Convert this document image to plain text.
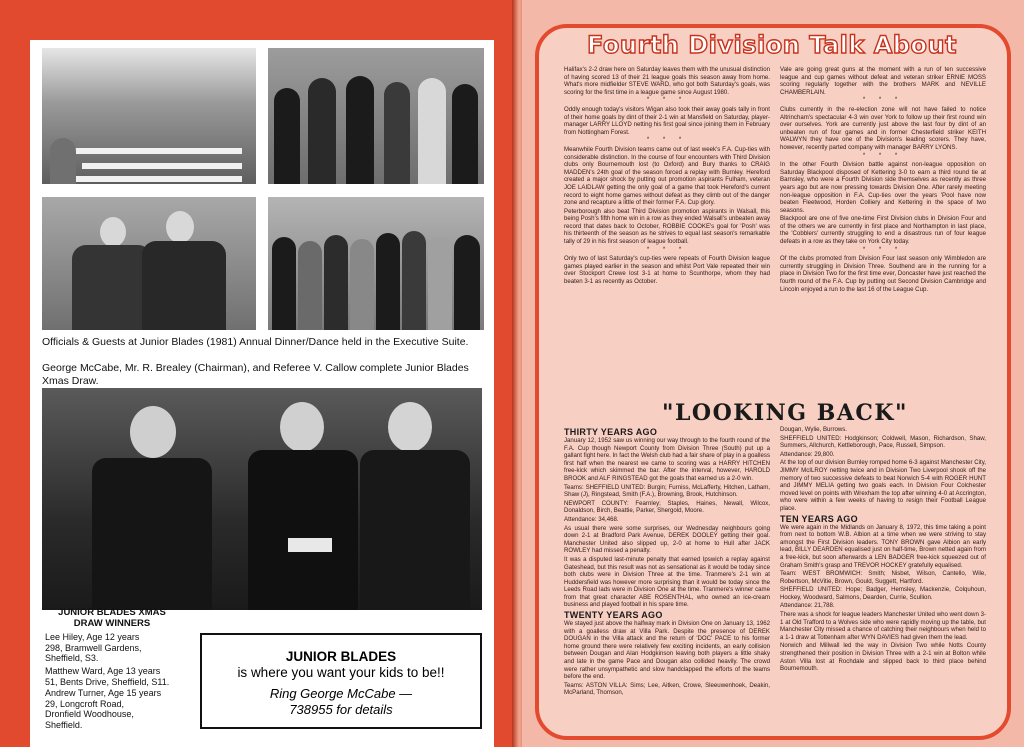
Officials & Guests at Junior Blades (1981) Annual Dinner/Dance held in the Executive Suite.
George McCabe, Mr. R. Brealey (Chairman), and Referee V. Callow complete Junior Blades Xmas Draw.
JUNIOR BLADES XMAS
DRAW WINNERS
Lee Hiley, Age 12 years
298, Bramwell Gardens,
Sheffield, S3.
Matthew Ward, Age 13 years
51, Bents Drive, Sheffield, S11.
Andrew Turner, Age 15 years
29, Longcroft Road,
Dronfield Woodhouse,
Sheffield.
JUNIOR BLADES
is where you want your kids to be!!
Ring George McCabe —
738955 for details
Fourth Division Talk About

Halifax's 2-2 draw here on Saturday leaves them with the unusual distinction of having scored 13 of their 21 league goals this season away from home. What's more midfielder STEVE WARD, who got both Saturday's goals, was scoring for the first time in a league game since August 1980.

* * *

Oddly enough today's visitors Wigan also took their away goals tally in front of their home goals by dint of their 2-1 win at Mansfield on Saturday, player-manager LARRY LLOYD netting his first goal since joining them in February from Nottingham Forest.

* * *

Meanwhile Fourth Division teams came out of last week's F.A. Cup-ties with considerable distinction. In the course of four encounters with Third Division clubs only Bournemouth lost (to Oxford) and Bury thanks to CRAIG MADDEN's 24th goal of the season forced a replay with Burnley. Hereford created a major shock by putting out promotion aspirants Fulham, veteran JOE LAIDLAW getting the only goal of a game that took Hereford's current record to eight home games without defeat as they climb out of the danger zone and recapture a little of their former F.A. Cup glory.

Peterborough also beat Third Division promotion aspirants in Walsall, this being Posh's fifth home win in a row as they ended Walsall's unbeaten away record that dates back to October, ROBBIE COOKE's goal for 'Posh' was his thirteenth of the season as he strives to equal last season's remarkable tally of 29 in his first season of league football.

* * *

Only two of last Saturday's cup-ties were repeats of Fourth Division league games played earlier in the season and whilst Port Vale repeated their win over Stockport Crewe lost 3-1 at home to Scunthorpe, whom they had beaten 3-1 as recently as October.

Vale are going great guns at the moment with a run of ten successive league and cup games without defeat and veteran striker ERNIE MOSS scoring regularly together with the brothers MARK and NEVILLE CHAMBERLAIN.

* * *

Clubs currently in the re-election zone will not have failed to notice Altrincham's spectacular 4-3 win over York to follow up their first round win over ourselves. York are currently just above the last four by dint of an unbeaten run of four games and in former Chesterfield striker KEITH WALWYN they have one of the Division's leading scorers. They have, however, recently parted company with manager BARRY LYONS.

* * *

In the other Fourth Division battle against non-league opposition on Saturday Blackpool disposed of Kettering 3-0 to earn a third round tie at Barnsley, who were a Fourth Division side themselves as recently as three years ago but are now pressing towards Division One. After rarely meeting non-league opposition in F.A. Cup-ties over the years 'Pool have now beaten Fleetwood, Horden Colliery and Kettering in the space of two seasons.

Blackpool are one of five one-time First Division clubs in Division Four and of the others we are currently in first place and Northampton in last place, the 'Cobblers' currently struggling to end a disastrous run of four league defeats in a row as they take on York City today.

* * *

Of the clubs promoted from Division Four last season only Wimbledon are currently struggling in Division Three. Southend are in the running for a place in Division Two for the first time ever, Doncaster have just reached the fourth round of the F.A. Cup by putting out Second Division Cambridge and Lincoln enjoyed a run to the last 16 of the League Cup.

"LOOKING BACK"
THIRTY YEARS AGO

January 12, 1952 saw us winning our way through to the fourth round of the F.A. Cup though Newport County from Division Three (South) put up a gallant fight here. In fact the Welsh club had a fair share of play in a goalless first half when the nearest we came to scoring was a HARRY HITCHEN free-kick which skimmed the bar. After the interval, however, HAROLD BROOK and ALF RINGSTEAD got the goals that earned us a 2-0 win.

Teams: SHEFFIELD UNITED: Burgin; Furniss, McLafferty, Hitchen, Latham, Shaw (J), Ringstead, Smith (F.A.), Browning, Brook, Hutchinson.

NEWPORT COUNTY: Fearnley; Staples, Haines, Newall, Wilcox, Donaldson, Birch, Beattie, Parker, Shergold, Moore.

Attendance: 34,468.

As usual there were some surprises, our Wednesday neighbours going down 2-1 at Bradford Park Avenue, DEREK DOOLEY getting their goal. Manchester United also slipped up, 2-0 at home to Hull after JACK ROWLEY had missed a penalty.

It was a disputed last-minute penalty that earned Ipswich a replay against Gateshead, but this result was not as sensational as it would be today since both clubs were in Division Three at the time. Tranmere's 2-1 win at Huddersfield was however more surprising than it would be today since the Leeds Road lads were in Division One at the time. Tranmere's winner came from that great character ABE ROSENTHAL, who owned an ice-cream business and played football in his spare time.

TWENTY YEARS AGO

We stayed just above the halfway mark in Division One on January 13, 1962 with a goalless draw at Villa Park. Despite the presence of DEREK DOUGAN in the Villa attack and the return of 'DOC' PACE to his former home ground there were relatively few exciting incidents, an early collision between Dougan and Alan Hodgkinson leaving both players a little shaky and late in the game Pace and Dougan also collided heavily. The crowd were rather unsympathetic and slow handclapped the efforts of the teams before the end.

Teams: ASTON VILLA: Sims; Lee, Aitken, Crowe, Sleeuwenhoek, Deakin, McParland, Thomson,

Dougan, Wylie, Burrows.

SHEFFIELD UNITED: Hodgkinson; Coldwell, Mason, Richardson, Shaw, Summers, Allchurch, Kettleborough, Pace, Russell, Simpson.

Attendance: 29,800.

At the top of our division Burnley romped home 6-3 against Manchester City, JIMMY McILROY netting twice and in Division Two Liverpool shook off the memory of two successive defeats to beat Norwich 5-4 with ROGER HUNT and JIMMY MELIA getting two goals each. In Division Four Colchester moved level on points with Wrexham the top after winning 4-0 at Accrington, who were within a few weeks of having to resign their Football League place.

TEN YEARS AGO

We were again in the Midlands on January 8, 1972, this time taking a point from next to bottom W.B. Albion at a time when we were striving to stay amongst the First Division leaders. TONY BROWN gave Albion an early lead, BILLY DEARDEN equalised just on half-time, Brown netted again from a free-kick, but soon afterwards a LEN BADGER free-kick squeezed out of Graham Smith's grasp and TREVOR HOCKEY gratefully equalised.

Team: WEST BROMWICH: Smith; Nisbet, Wilson, Cantello, Wile, Robertson, McVitie, Brown, Gould, Suggett, Hartford.

SHEFFIELD UNITED: Hope; Badger, Hemsley, Mackenzie, Colquhoun, Hockey, Woodward, Salmons, Dearden, Currie, Scullion.

Attendance: 21,788.

There was a shock for league leaders Manchester United who went down 3-1 at Old Trafford to a Wolves side who were rapidly moving up the table, but Manchester City missed a chance of catching their neighbours when held to a 1-1 draw at Tottenham after WYN DAVIES had given them the lead.

Norwich and Millwall led the way in Division Two while Notts County strengthened their position in Division Three with a 2-1 win at Bolton while Aston Villa lost at Rochdale and slipped back to third place behind Bournemouth.
